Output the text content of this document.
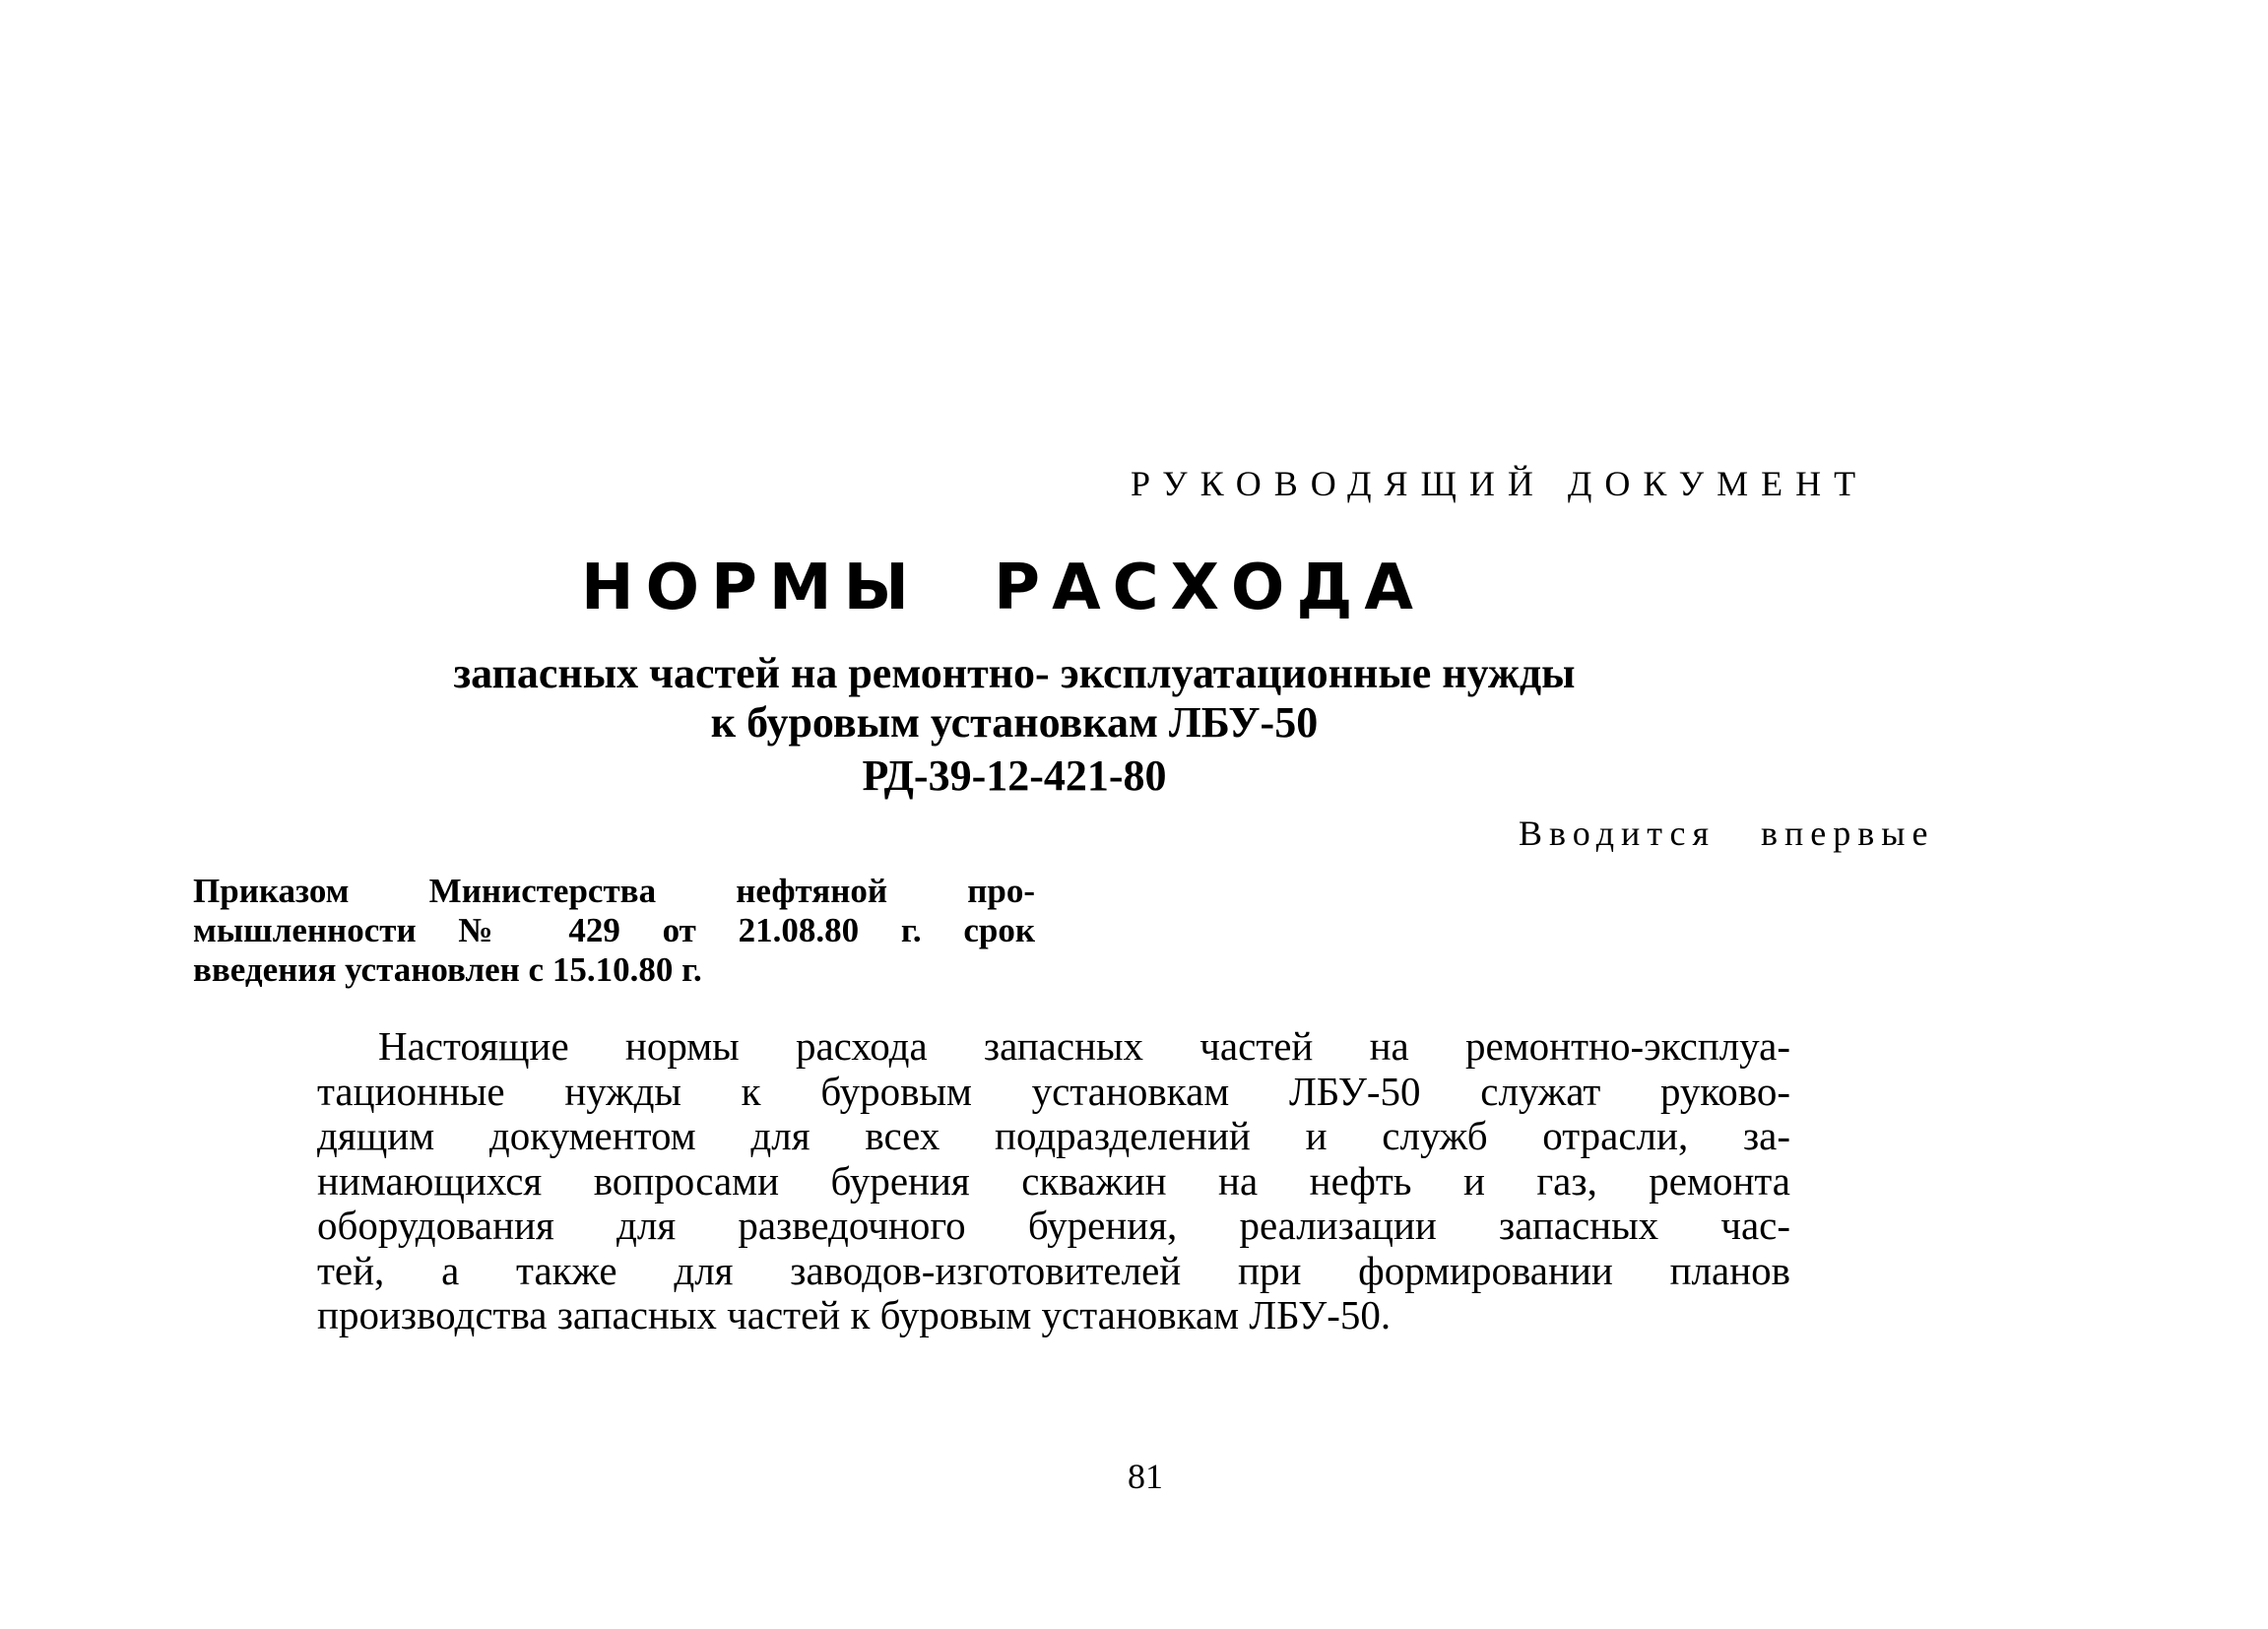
РУКОВОДЯЩИЙ ДОКУМЕНТ
НОРМЫ РАСХОДА
запасных частей на ремонтно- эксплуатационные нужды
к буровым установкам ЛБУ-50
РД-39-12-421-80
Вводится впервые
Приказом Министерства нефтяной про-
мышленности № 429 от 21.08.80 г. срок
введения установлен с 15.10.80 г.
Настоящие нормы расхода запасных частей на ремонтно-эксплуа-
тационные нужды к буровым установкам ЛБУ-50 служат руково-
дящим документом для всех подразделений и служб отрасли, за-
нимающихся вопросами бурения скважин на нефть и газ, ремонта
оборудования для разведочного бурения, реализации запасных час-
тей, а также для заводов-изготовителей при формировании планов
производства запасных частей к буровым установкам ЛБУ-50.
81
